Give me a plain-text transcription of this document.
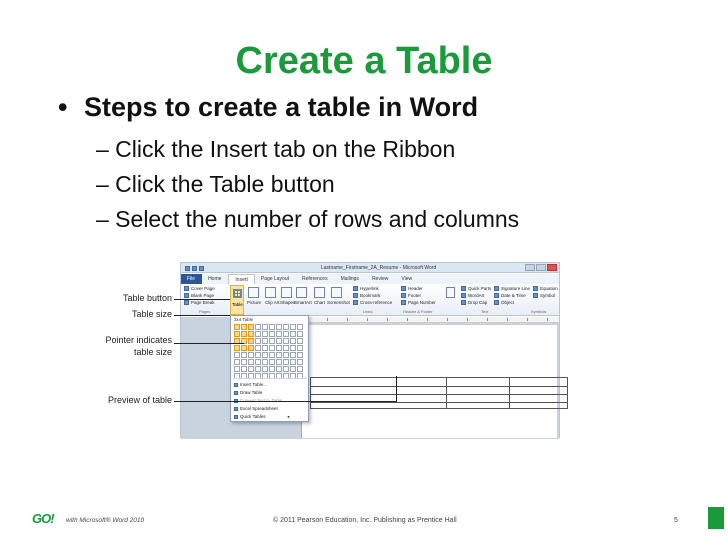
Create a Table
• Steps to create a table in Word
– Click the Insert tab on the Ribbon
– Click the Table button
– Select the number of rows and columns
Lastname_Firstname_2A_Resume - Microsoft Word
File	Home	Insert	Page Layout	References	Mailings	Review	View
Cover Page
Blank Page
Page Break	Picture Clip Art Shapes
SmartArt Chart Screenshot
Hyperlink
Bookmark
Cross-reference
Header
Footer
Page Number
Quick Parts
WordArt
Drop Cap
Signature Line
Date & Time
Object
Equation
Symbol
Pages	Links	Header & Footer	Text	Symbols
Table
3x4 Table
Insert Table...
Draw Table
Excel Spreadsheet
Quick Tables	▸
Table button
Table size
Pointer indicates
table size
Preview of table
GO! with Microsoft® Word 2010	© 2011 Pearson Education, Inc. Publishing as Prentice Hall	5
